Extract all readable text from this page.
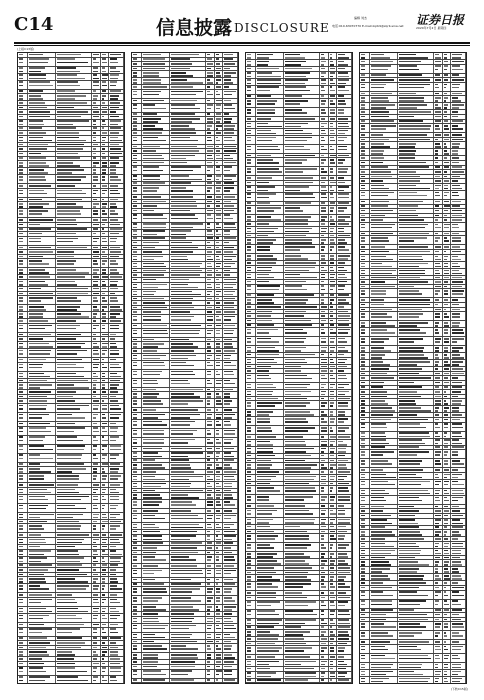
C14	信息披露 DISCLOSURE
编辑 刘杰
电话:010-63070770 E-mail:zqrb9@zqrb.sina.net 证券日报
2020年7月2日 星期四
(上接C13版)
(下转C15版)
